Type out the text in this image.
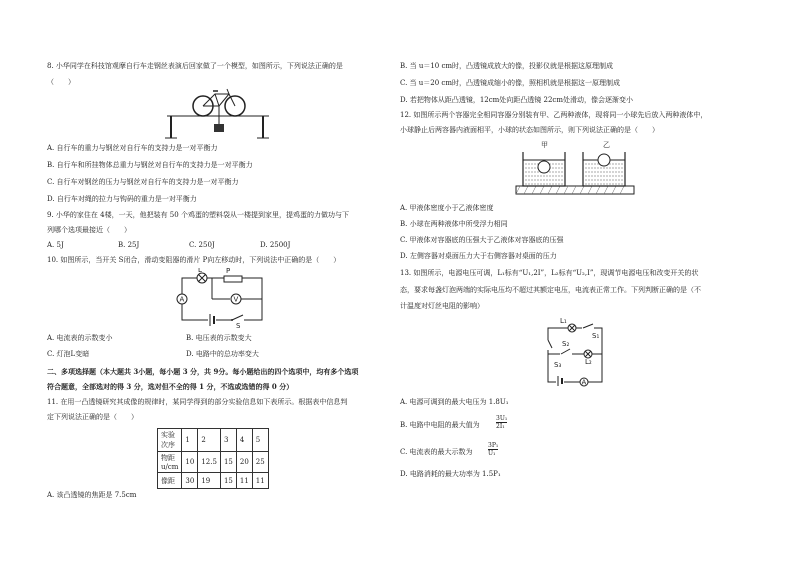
8. 小华同学在科技馆观摩自行车走钢丝表演后回家做了一个模型，如图所示，下列说法正确的是
（　　）
A. 自行车的重力与钢丝对自行车的支持力是一对平衡力
B. 自行车和所挂物体总重力与钢丝对自行车的支持力是一对平衡力
C. 自行车对钢丝的压力与钢丝对自行车的支持力是一对平衡力
D. 自行车对绳的拉力与钩码的重力是一对平衡力
9. 小华的家住在 4楼，一天，他把装有 50 个鸡蛋的塑料袋从一楼提到家里，提鸡蛋的力做功与下
列哪个选项最接近（　　）
A. 5J	B. 25J	C. 250J	D. 2500J
10. 如图所示，当开关 S闭合，滑动变阻器的滑片 P向左移动时，下列说法中正确的是（　　）
L	P
A	V
S
A. 电流表的示数变小	B. 电压表的示数变大
C. 灯泡L变暗	D. 电路中的总功率变大
二、多项选择题（本大题共 3小题，每小题 3 分，共 9分。每小题给出的四个选项中，均有多个选项
符合题意，全部选对的得 3 分，选对但不全的得 1 分，不选或选错的得 0 分）
11. 在用一凸透镜研究其成像的规律时，某同学得到的部分实验信息如下表所示。根据表中信息判
定下列说法正确的是（　　）
实验次序	1	2	3	4	5
物距 u/cm	10	12.5	15	20	25
像距	30	19	15	11	11
A. 该凸透镜的焦距是 7.5cm
B. 当 u＝10 cm时，凸透镜成放大的像，投影仪就是根据这原理制成
C. 当 u＝20 cm时，凸透镜成缩小的像，照相机就是根据这一原理制成
D. 若把物体从距凸透镜，12cm处向距凸透镜 22cm处滑动，像会逐渐变小
12. 如图所示两个容器完全相同容器分别装有甲、乙两种液体，现将同一小球先后放入两种液体中，
小球静止后两容器内液面相平，小球的状态如图所示，则下列说法正确的是（　　）
甲	乙
A. 甲液体密度小于乙液体密度
B. 小球在两种液体中所受浮力相同
C. 甲液体对容器底的压强大于乙液体对容器底的压强
D. 左侧容器对桌面压力大于右侧容器对桌面的压力
13. 如图所示，电源电压可调，L₁标有“U₁,2I”，L₂标有“U₂,I”，现调节电源电压和改变开关的状
态，要求每盏灯泡两端的实际电压均不超过其额定电压，电流表正常工作。下列判断正确的是（不
计温度对灯丝电阻的影响）
L₁
S₁
S₂
L₂
S₃
A
A. 电源可调到的最大电压为 1.8U₁
B. 电路中电阻的最大值为
3U₁
2I₁
C. 电流表的最大示数为
3P₁
U₁
D. 电路消耗的最大功率为 1.5P₁
